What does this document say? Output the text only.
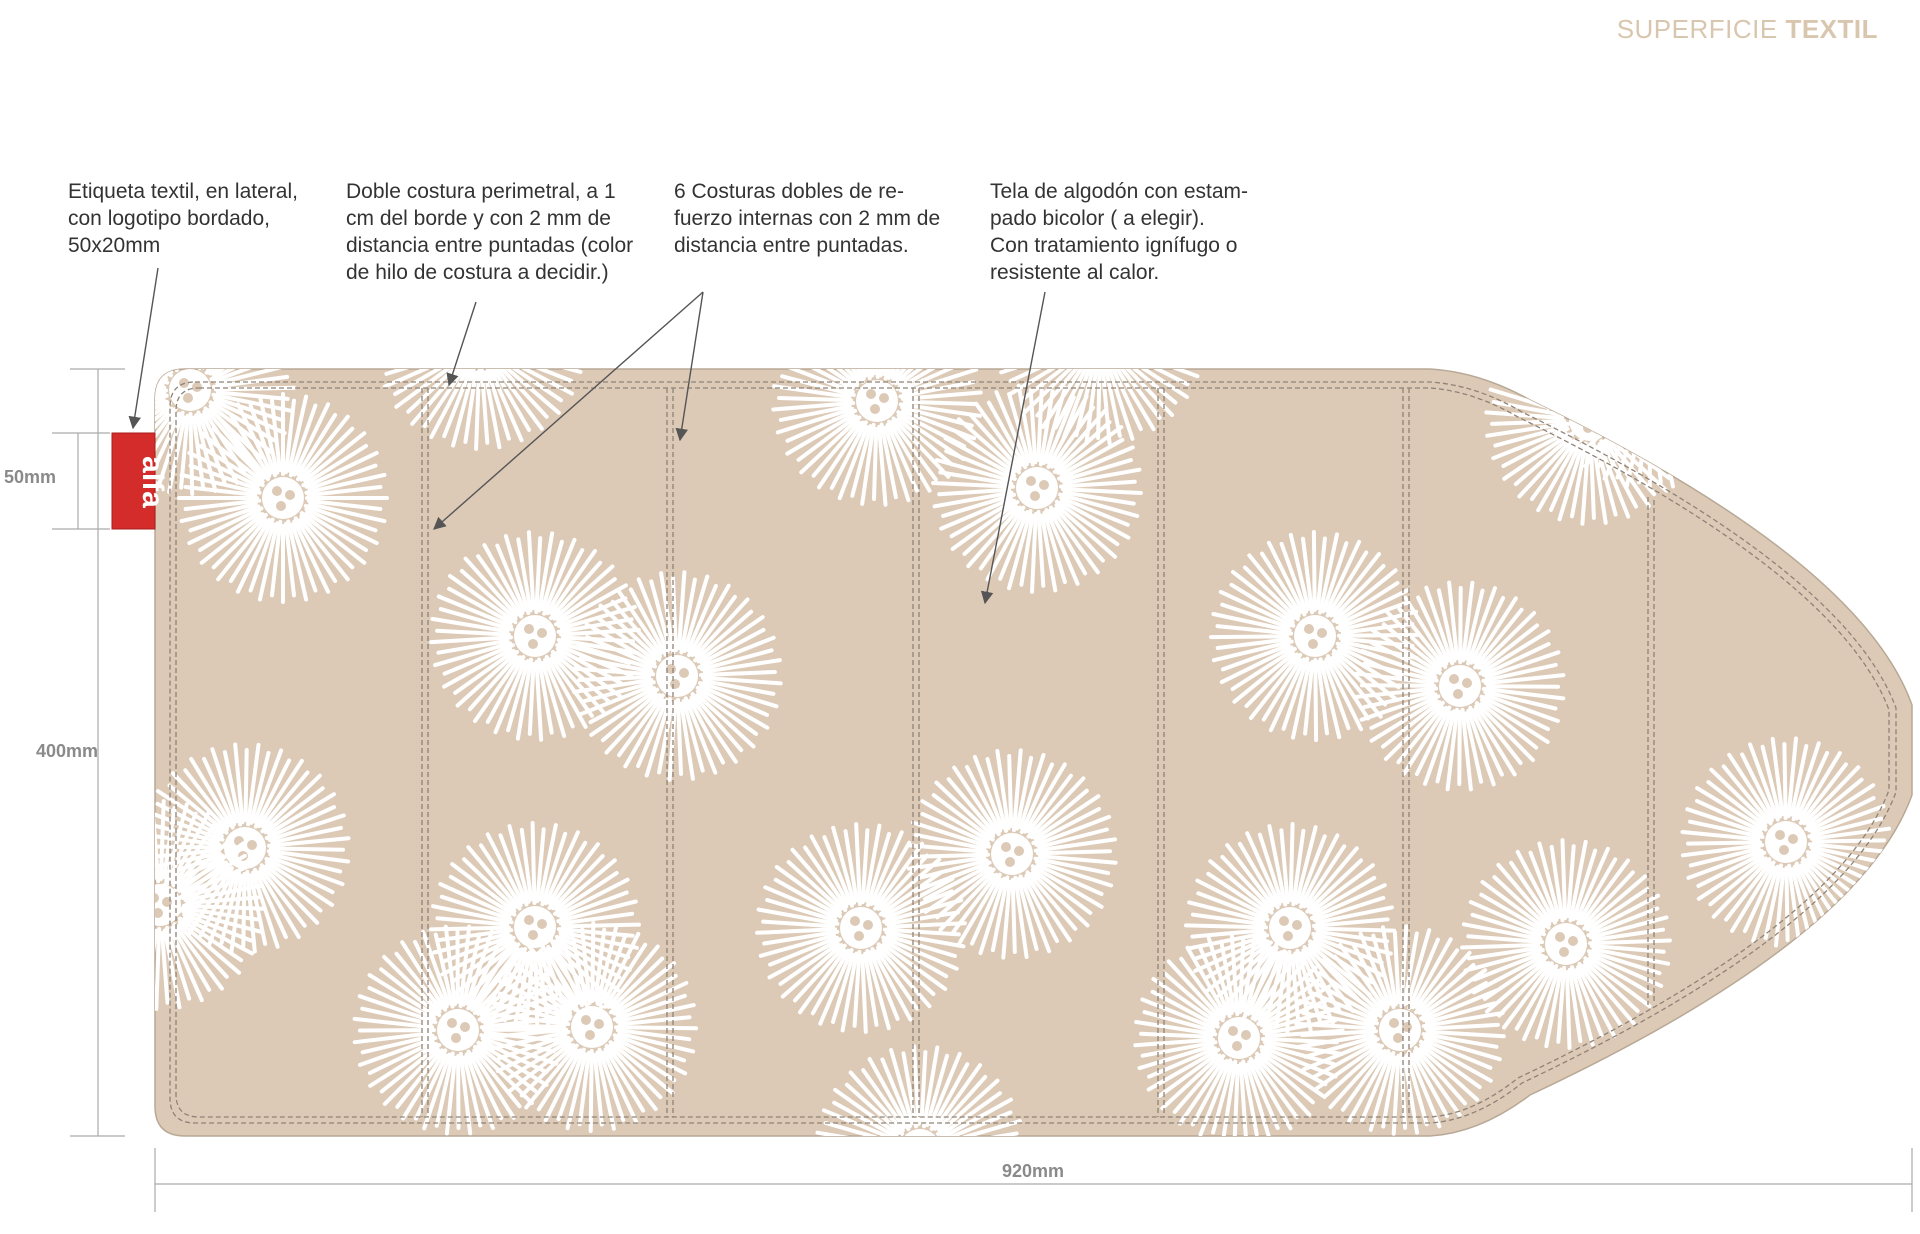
SUPERFICIE TEXTIL
Etiqueta textil, en lateral,
con logotipo bordado,
50x20mm
Doble costura perimetral, a 1
cm del borde y con 2 mm de
distancia entre puntadas (color
de hilo de costura a decidir.)
6 Costuras dobles de re-
fuerzo internas con 2 mm de
distancia entre puntadas.
Tela de algodón con estam-
pado bicolor ( a elegir).
Con tratamiento ignífugo o
resistente al calor.
50mm
400mm
920mm
alfa
